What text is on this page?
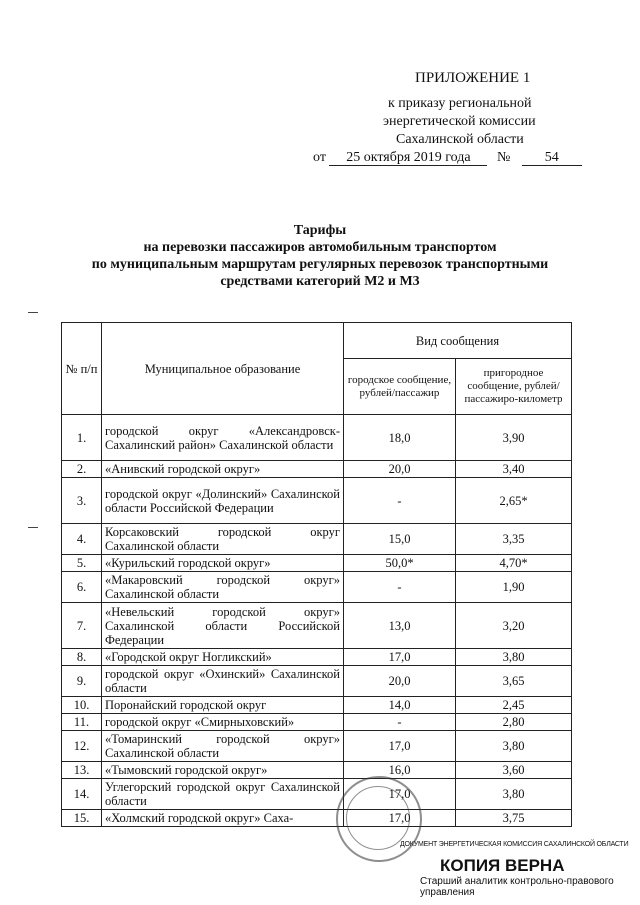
ПРИЛОЖЕНИЕ 1
к приказу региональной
энергетической комиссии
Сахалинской области
от 25 октября 2019 года № 54
Тарифы
на перевозки пассажиров автомобильным транспортом
по муниципальным маршрутам регулярных перевозок транспортными
средствами категорий М2 и М3
№ п/п	Муниципальное образование	Вид сообщения	
		городское сообщение, рублей/пассажир	пригородное сообщение, рублей/ пассажиро-километр
1.	городской округ «Александровск-Сахалинский район» Сахалинской области	18,0	3,90
2.	«Анивский городской округ»	20,0	3,40
3.	городской округ «Долинский» Сахалинской области Российской Федерации	-	2,65*
4.	Корсаковский городской округ Сахалинской области	15,0	3,35
5.	«Курильский городской округ»	50,0*	4,70*
6.	«Макаровский городской округ» Сахалинской области	-	1,90
7.	«Невельский городской округ» Сахалинской области Российской Федерации	13,0	3,20
8.	«Городской округ Ногликский»	17,0	3,80
9.	городской округ «Охинский» Сахалинской области	20,0	3,65
10.	Поронайский городской округ	14,0	2,45
11.	городской округ «Смирныховский»	-	2,80
12.	«Томаринский городской округ» Сахалинской области	17,0	3,80
13.	«Тымовский городской округ»	16,0	3,60
14.	Углегорский городской округ Сахалинской области	17,0	3,80
15.	«Холмский городской округ» Саха-	17,0	3,75
ДОКУМЕНТ ЭНЕРГЕТИЧЕСКАЯ КОМИССИЯ САХАЛИНСКОЙ ОБЛАСТИ
КОПИЯ ВЕРНА
Старший аналитик контрольно-правового управления
